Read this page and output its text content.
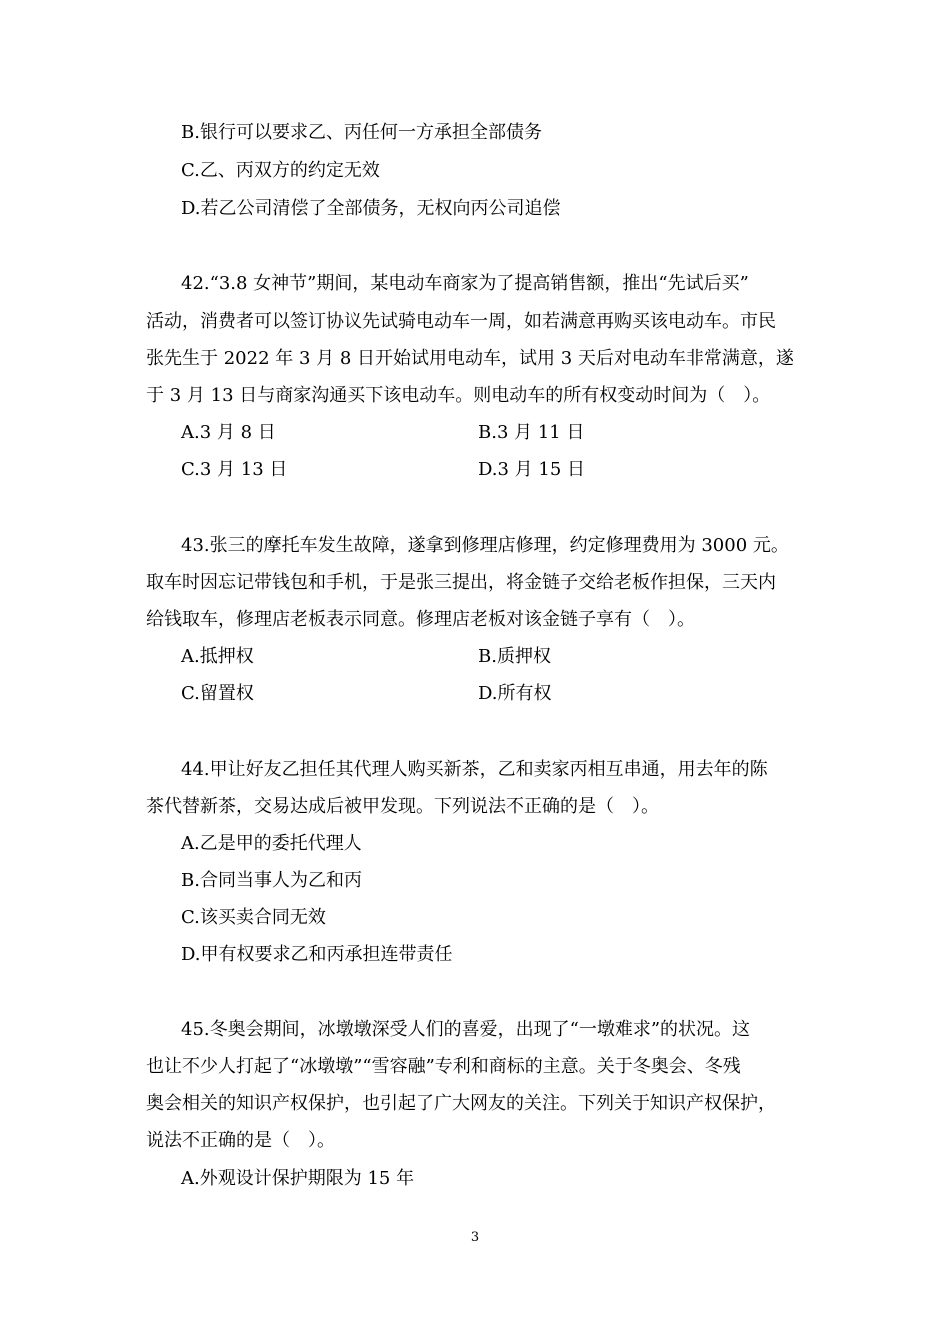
B.银行可以要求乙、丙任何一方承担全部债务
C.乙、丙双方的约定无效
D.若乙公司清偿了全部债务，无权向丙公司追偿
42.“3.8 女神节”期间，某电动车商家为了提高销售额，推出“先试后买”
活动，消费者可以签订协议先试骑电动车一周，如若满意再购买该电动车。市民
张先生于 2022 年 3 月 8 日开始试用电动车，试用 3 天后对电动车非常满意，遂
于 3 月 13 日与商家沟通买下该电动车。则电动车的所有权变动时间为（　）。
A.3 月 8 日	B.3 月 11 日
C.3 月 13 日	D.3 月 15 日
43.张三的摩托车发生故障，遂拿到修理店修理，约定修理费用为 3000 元。
取车时因忘记带钱包和手机，于是张三提出，将金链子交给老板作担保，三天内
给钱取车，修理店老板表示同意。修理店老板对该金链子享有（　）。
A.抵押权	B.质押权
C.留置权	D.所有权
44.甲让好友乙担任其代理人购买新茶，乙和卖家丙相互串通，用去年的陈
茶代替新茶，交易达成后被甲发现。下列说法不正确的是（　）。
A.乙是甲的委托代理人
B.合同当事人为乙和丙
C.该买卖合同无效
D.甲有权要求乙和丙承担连带责任
45.冬奥会期间，冰墩墩深受人们的喜爱，出现了“一墩难求”的状况。这
也让不少人打起了“冰墩墩”“雪容融”专利和商标的主意。关于冬奥会、冬残
奥会相关的知识产权保护，也引起了广大网友的关注。下列关于知识产权保护，
说法不正确的是（　）。
A.外观设计保护期限为 15 年
3
